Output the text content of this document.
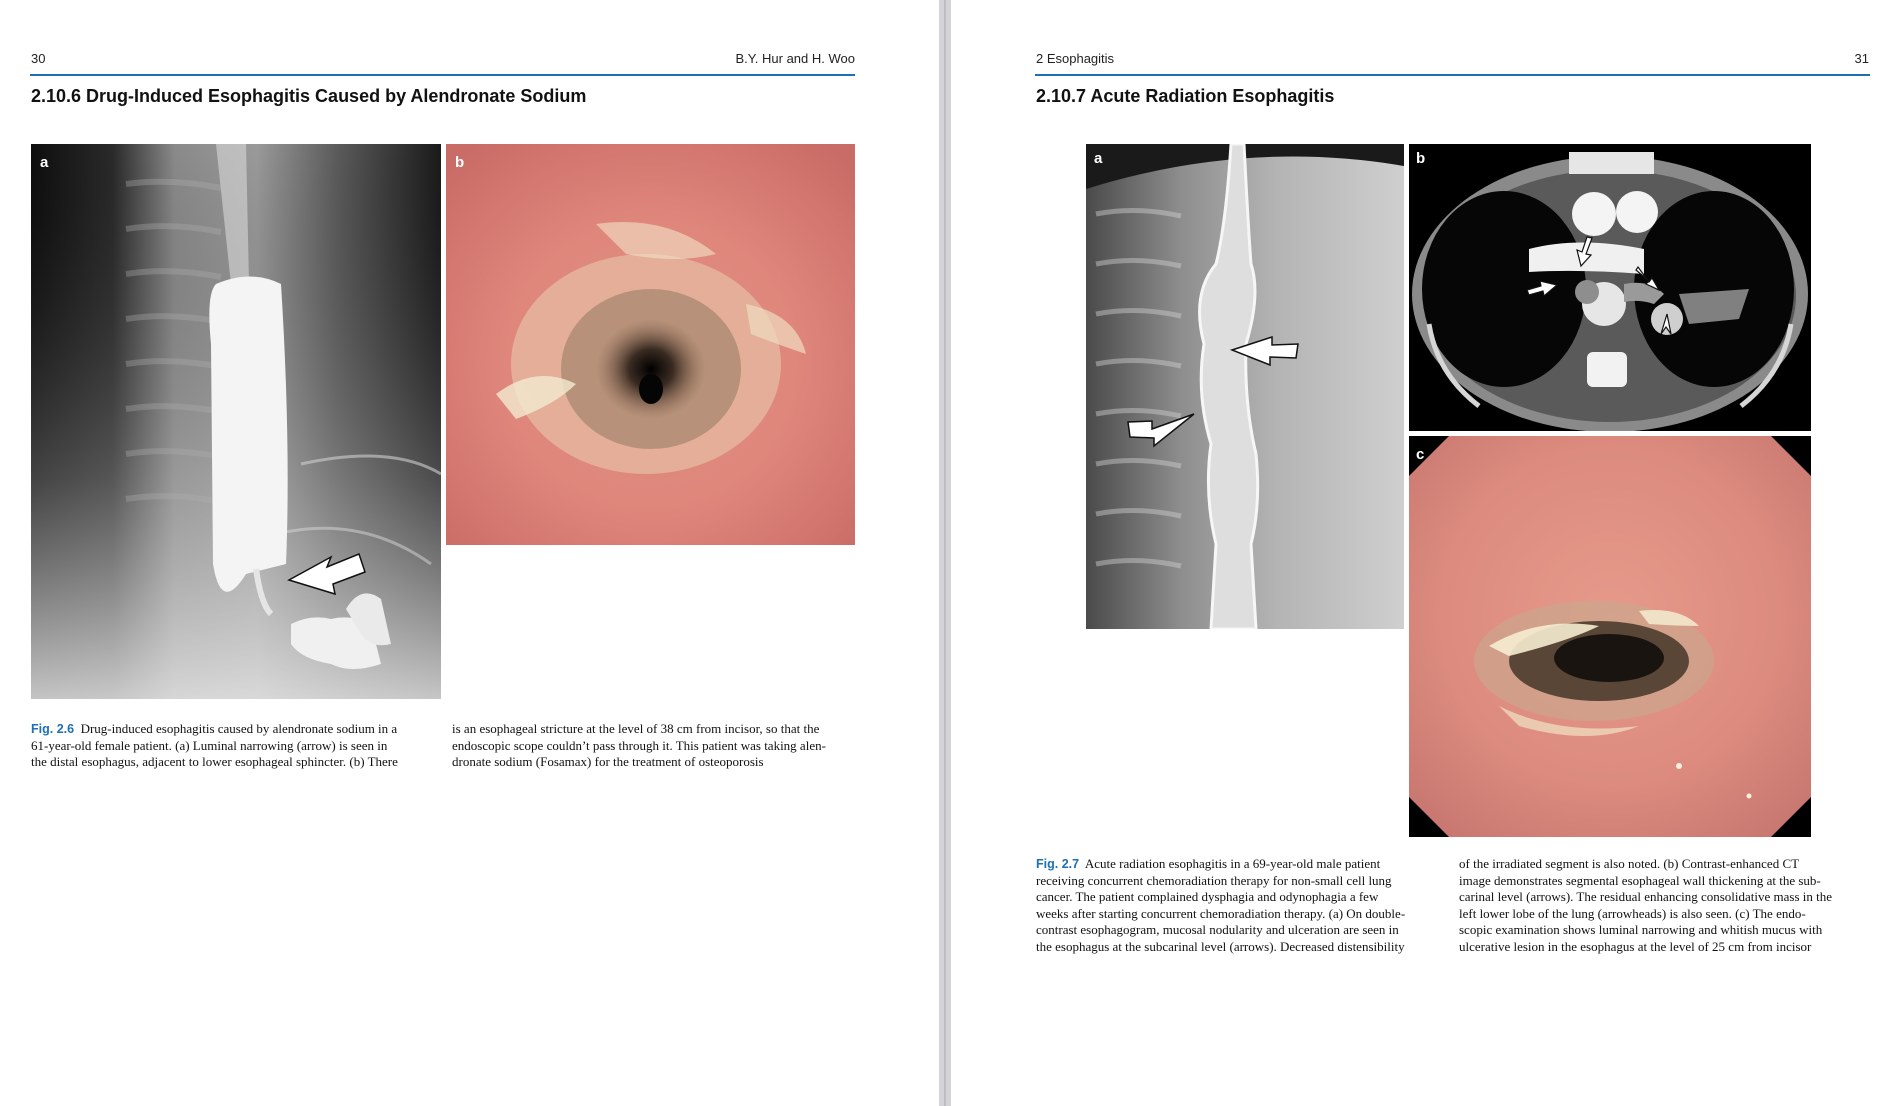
30	B.Y. Hur and H. Woo
2.10.6 Drug-Induced Esophagitis Caused by Alendronate Sodium
a	b
Fig. 2.6 Drug-induced esophagitis caused by alendronate sodium in a
61-year-old female patient. (a) Luminal narrowing (arrow) is seen in
the distal esophagus, adjacent to lower esophageal sphincter. (b) There
is an esophageal stricture at the level of 38 cm from incisor, so that the
endoscopic scope couldn’t pass through it. This patient was taking alen-
dronate sodium (Fosamax) for the treatment of osteoporosis
2 Esophagitis	31
2.10.7 Acute Radiation Esophagitis
a	b
c
Fig. 2.7 Acute radiation esophagitis in a 69-year-old male patient
receiving concurrent chemoradiation therapy for non-small cell lung
cancer. The patient complained dysphagia and odynophagia a few
weeks after starting concurrent chemoradiation therapy. (a) On double-
contrast esophagogram, mucosal nodularity and ulceration are seen in
the esophagus at the subcarinal level (arrows). Decreased distensibility
of the irradiated segment is also noted. (b) Contrast-enhanced CT
image demonstrates segmental esophageal wall thickening at the sub-
carinal level (arrows). The residual enhancing consolidative mass in the
left lower lobe of the lung (arrowheads) is also seen. (c) The endo-
scopic examination shows luminal narrowing and whitish mucus with
ulcerative lesion in the esophagus at the level of 25 cm from incisor
